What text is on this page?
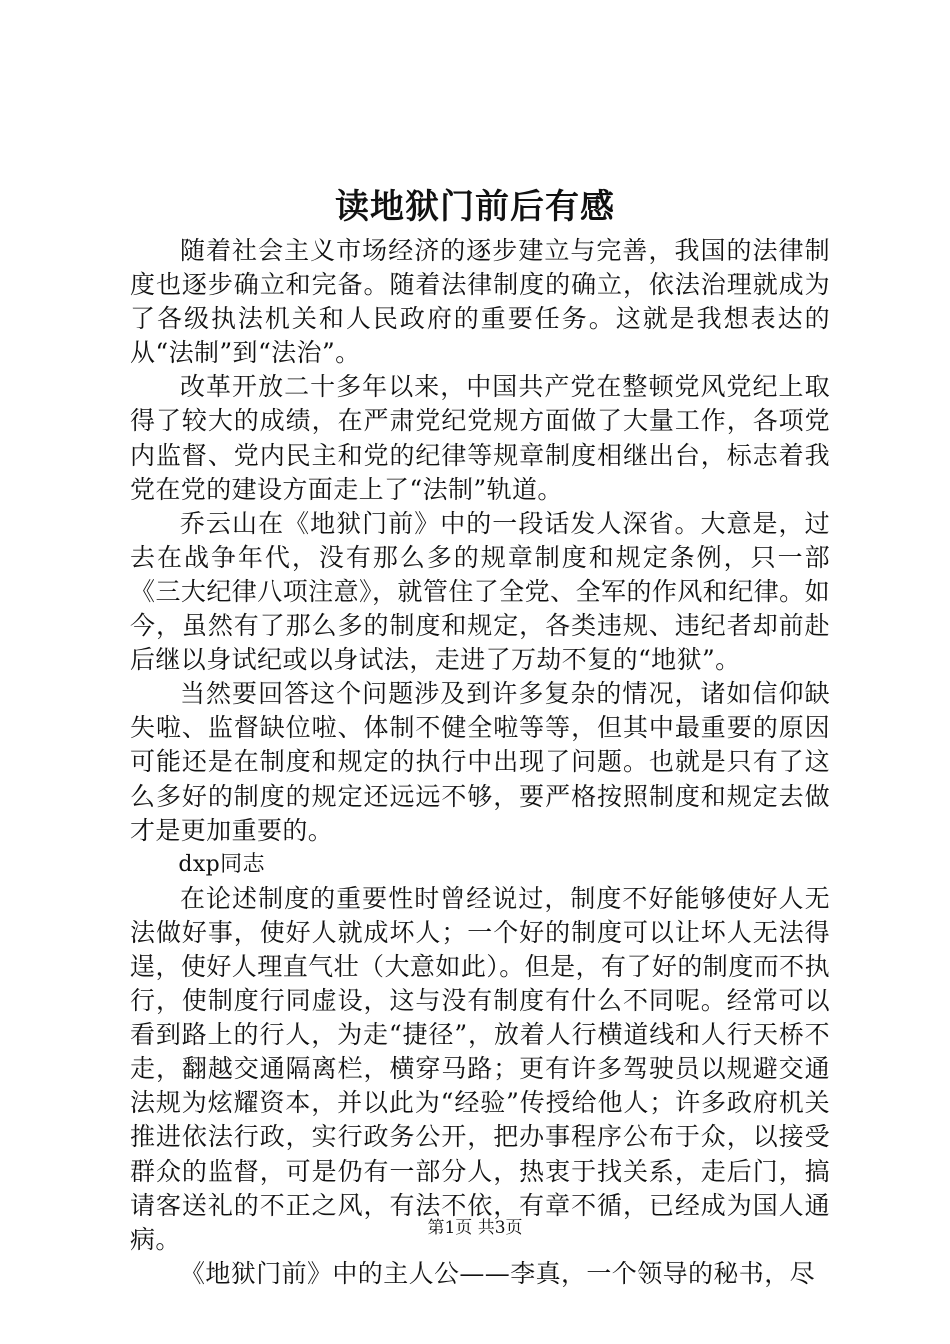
读地狱门前后有感

随着社会主义市场经济的逐步建立与完善，我国的法律制度也逐步确立和完备。随着法律制度的确立，依法治理就成为了各级执法机关和人民政府的重要任务。这就是我想表达的从“法制”到“法治”。

改革开放二十多年以来，中国共产党在整顿党风党纪上取得了较大的成绩，在严肃党纪党规方面做了大量工作，各项党内监督、党内民主和党的纪律等规章制度相继出台，标志着我党在党的建设方面走上了“法制”轨道。

乔云山在《地狱门前》中的一段话发人深省。大意是，过去在战争年代，没有那么多的规章制度和规定条例，只一部《三大纪律八项注意》，就管住了全党、全军的作风和纪律。如今，虽然有了那么多的制度和规定，各类违规、违纪者却前赴后继以身试纪或以身试法，走进了万劫不复的“地狱”。

当然要回答这个问题涉及到许多复杂的情况，诸如信仰缺失啦、监督缺位啦、体制不健全啦等等，但其中最重要的原因可能还是在制度和规定的执行中出现了问题。也就是只有了这么多好的制度的规定还远远不够，要严格按照制度和规定去做才是更加重要的。

dxp同志

在论述制度的重要性时曾经说过，制度不好能够使好人无法做好事，使好人就成坏人；一个好的制度可以让坏人无法得逞，使好人理直气壮（大意如此）。但是，有了好的制度而不执行，使制度行同虚设，这与没有制度有什么不同呢。经常可以看到路上的行人，为走“捷径”，放着人行横道线和人行天桥不走，翻越交通隔离栏，横穿马路；更有许多驾驶员以规避交通法规为炫耀资本，并以此为“经验”传授给他人；许多政府机关推进依法行政，实行政务公开，把办事程序公布于众，以接受群众的监督，可是仍有一部分人，热衷于找关系，走后门，搞请客送礼的不正之风，有法不依，有章不循，已经成为国人通病。

《地狱门前》中的主人公——李真，一个领导的秘书，尽

第1页 共3页
